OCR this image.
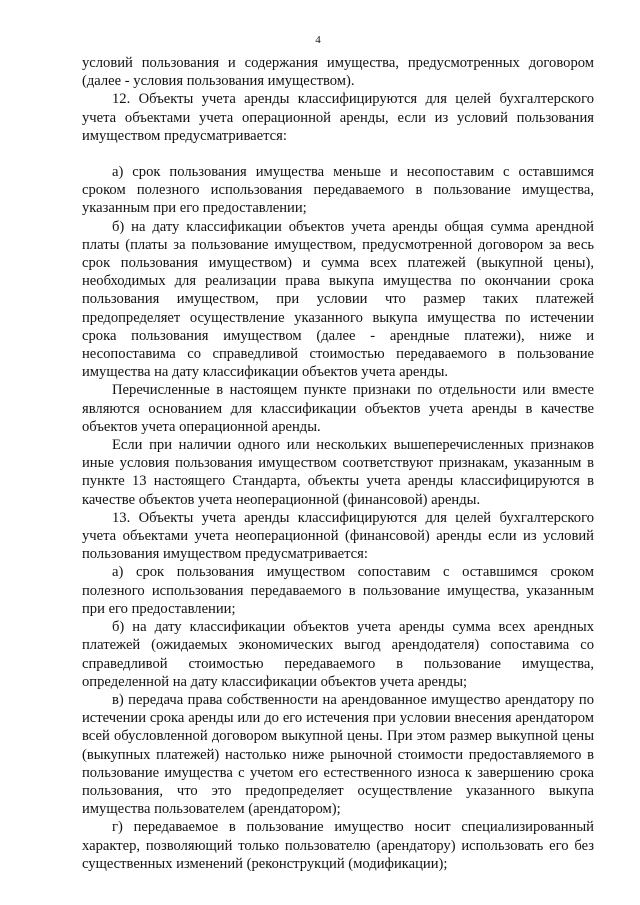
4

условий пользования и содержания имущества, предусмотренных договором (далее - условия пользования имуществом).

12. Объекты учета аренды классифицируются для целей бухгалтерского учета объектами учета операционной аренды, если из условий пользования имуществом предусматривается:

а) срок пользования имущества меньше и несопоставим с оставшимся сроком полезного использования передаваемого в пользование имущества, указанным при его предоставлении;

б) на дату классификации объектов учета аренды общая сумма арендной платы (платы за пользование имуществом, предусмотренной договором за весь срок пользования имуществом) и сумма всех платежей (выкупной цены), необходимых для реализации права выкупа имущества по окончании срока пользования имуществом, при условии что размер таких платежей предопределяет осуществление указанного выкупа имущества по истечении срока пользования имуществом (далее - арендные платежи), ниже и несопоставима со справедливой стоимостью передаваемого в пользование имущества на дату классификации объектов учета аренды.

Перечисленные в настоящем пункте признаки по отдельности или вместе являются основанием для классификации объектов учета аренды в качестве объектов учета операционной аренды.

Если при наличии одного или нескольких вышеперечисленных признаков иные условия пользования имуществом соответствуют признакам, указанным в пункте 13 настоящего Стандарта, объекты учета аренды классифицируются в качестве объектов учета неоперационной (финансовой) аренды.

13. Объекты учета аренды классифицируются для целей бухгалтерского учета объектами учета неоперационной (финансовой) аренды если из условий пользования имуществом предусматривается:

а) срок пользования имуществом сопоставим с оставшимся сроком полезного использования передаваемого в пользование имущества, указанным при его предоставлении;

б) на дату классификации объектов учета аренды сумма всех арендных платежей (ожидаемых экономических выгод арендодателя) сопоставима со справедливой стоимостью передаваемого в пользование имущества, определенной на дату классификации объектов учета аренды;

в) передача права собственности на арендованное имущество арендатору по истечении срока аренды или до его истечения при условии внесения арендатором всей обусловленной договором выкупной цены. При этом размер выкупной цены (выкупных платежей) настолько ниже рыночной стоимости предоставляемого в пользование имущества с учетом его естественного износа к завершению срока пользования, что это предопределяет осуществление указанного выкупа имущества пользователем (арендатором);

г) передаваемое в пользование имущество носит специализированный характер, позволяющий только пользователю (арендатору) использовать его без существенных изменений (реконструкций (модификации);
